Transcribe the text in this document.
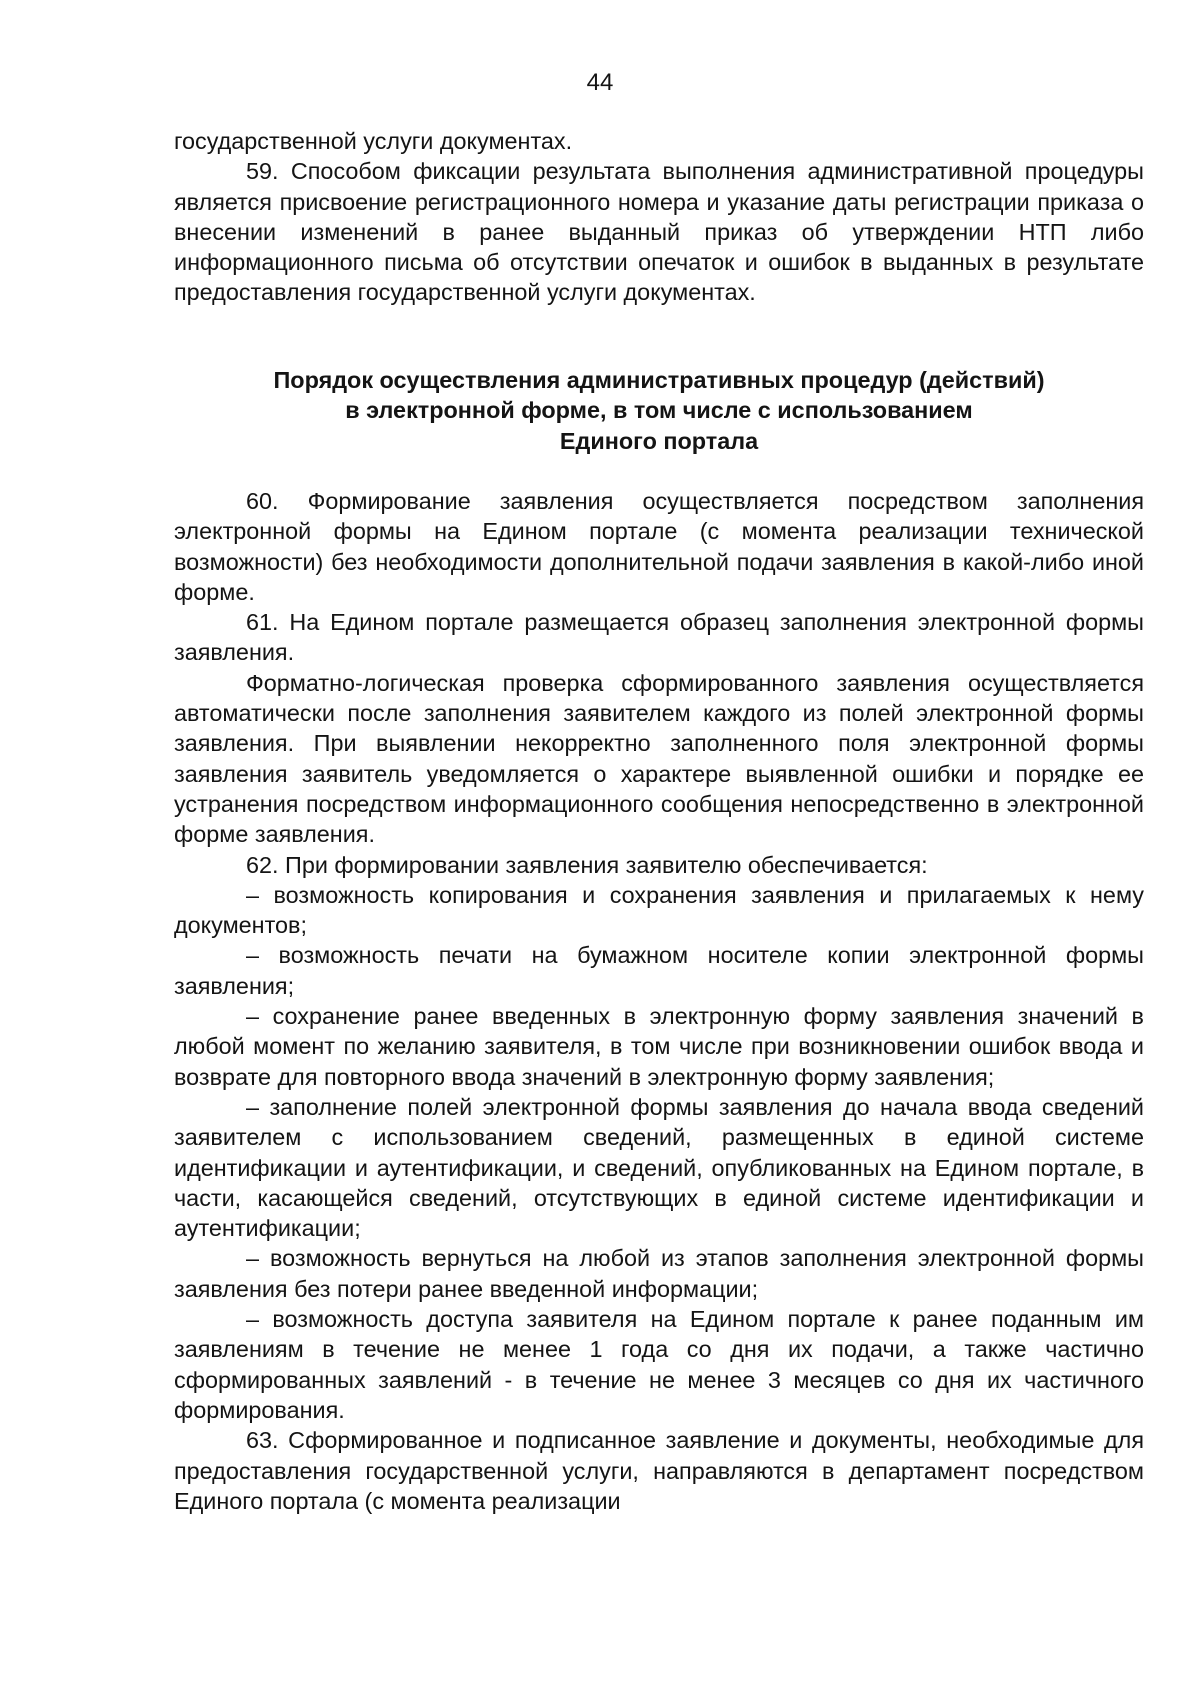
44

государственной услуги документах.

59. Способом фиксации результата выполнения административной процедуры является присвоение регистрационного номера и указание даты регистрации приказа о внесении изменений в ранее выданный приказ об утверждении НТП либо информационного письма об отсутствии опечаток и ошибок в выданных в результате предоставления государственной услуги документах.

Порядок осуществления административных процедур (действий)
в электронной форме, в том числе с использованием
Единого портала

60. Формирование заявления осуществляется посредством заполнения электронной формы на Едином портале (с момента реализации технической возможности) без необходимости дополнительной подачи заявления в какой-либо иной форме.

61. На Едином портале размещается образец заполнения электронной формы заявления.

Форматно-логическая проверка сформированного заявления осуществляется автоматически после заполнения заявителем каждого из полей электронной формы заявления. При выявлении некорректно заполненного поля электронной формы заявления заявитель уведомляется о характере выявленной ошибки и порядке ее устранения посредством информационного сообщения непосредственно в электронной форме заявления.

62. При формировании заявления заявителю обеспечивается:

– возможность копирования и сохранения заявления и прилагаемых к нему документов;

– возможность печати на бумажном носителе копии электронной формы заявления;

– сохранение ранее введенных в электронную форму заявления значений в любой момент по желанию заявителя, в том числе при возникновении ошибок ввода и возврате для повторного ввода значений в электронную форму заявления;

– заполнение полей электронной формы заявления до начала ввода сведений заявителем с использованием сведений, размещенных в единой системе идентификации и аутентификации, и сведений, опубликованных на Едином портале, в части, касающейся сведений, отсутствующих в единой системе идентификации и аутентификации;

– возможность вернуться на любой из этапов заполнения электронной формы заявления без потери ранее введенной информации;

– возможность доступа заявителя на Едином портале к ранее поданным им заявлениям в течение не менее 1 года со дня их подачи, а также частично сформированных заявлений - в течение не менее 3 месяцев со дня их частичного формирования.

63. Сформированное и подписанное заявление и документы, необходимые для предоставления государственной услуги, направляются в департамент посредством Единого портала (с момента реализации
